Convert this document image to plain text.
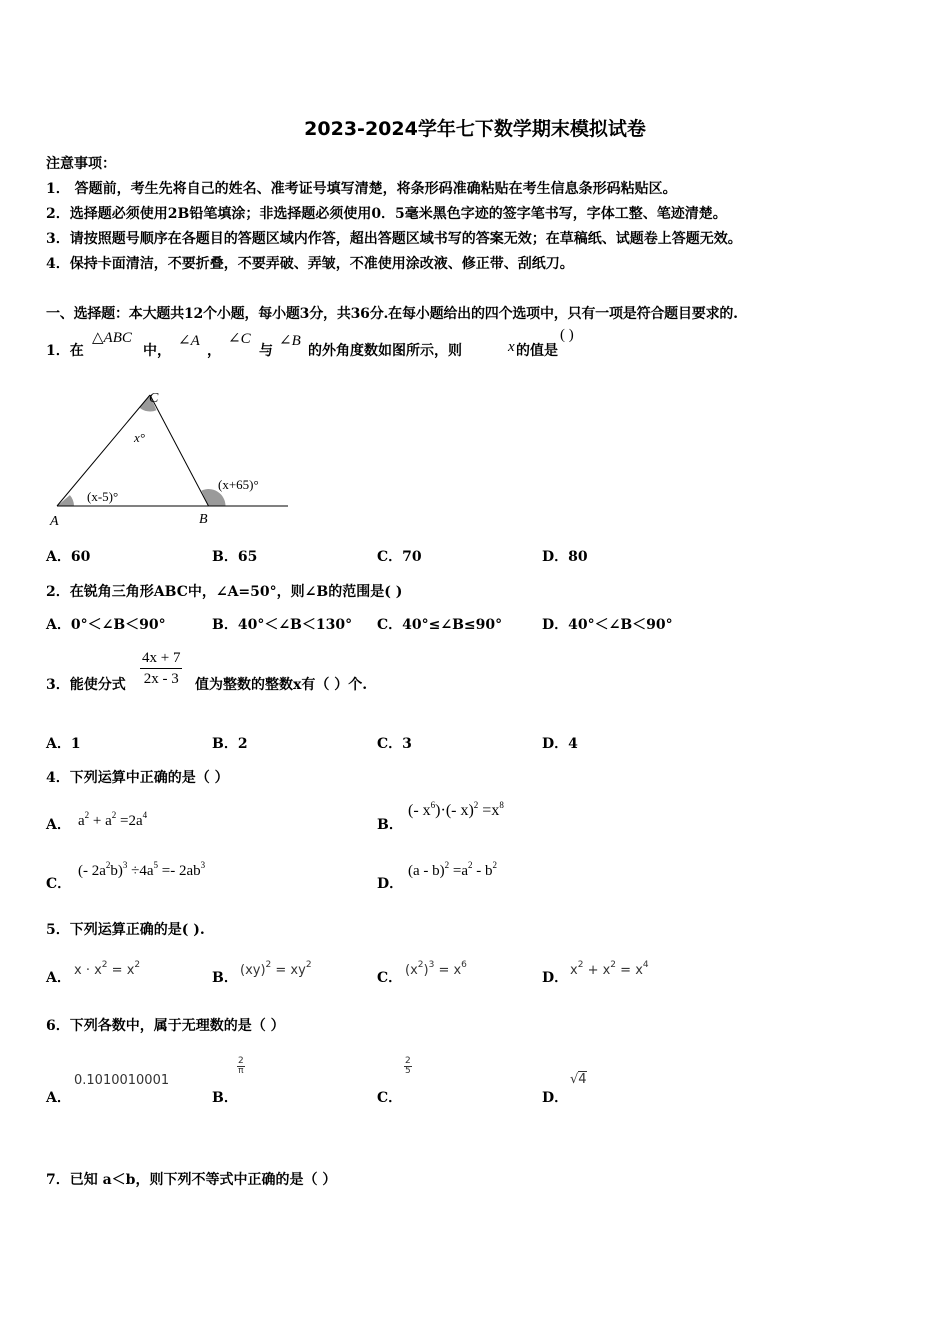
2023-2024学年七下数学期末模拟试卷
注意事项：
1． 答题前，考生先将自己的姓名、准考证号填写清楚，将条形码准确粘贴在考生信息条形码粘贴区。
2．选择题必须使用2B铅笔填涂；非选择题必须使用0．5毫米黑色字迹的签字笔书写，字体工整、笔迹清楚。
3．请按照题号顺序在各题目的答题区域内作答，超出答题区域书写的答案无效；在草稿纸、试题卷上答题无效。
4．保持卡面清洁，不要折叠，不要弄破、弄皱，不准使用涂改液、修正带、刮纸刀。
一、选择题：本大题共12个小题，每小题3分，共36分.在每小题给出的四个选项中，只有一项是符合题目要求的.
1．在
△ABC
中，
∠A
，
∠C
与
∠B
的外角度数如图所示，则	x 的值是
( )
C
A	B
x°
(x-5)°
(x+65)°
A．60	B．65	C．70	D．80
2．在锐角三角形ABC中，∠A=50°，则∠B的范围是( )
A．0°＜∠B＜90°	B．40°＜∠B＜130° C．40°≤∠B≤90°	D．40°＜∠B＜90°
3．能使分式 $\frac{4x + 7}{2x - 3}$ 值为整数的整数x有（ ）个.
A．1	B．2	C．3	D．4
4．下列运算中正确的是（ ）
A． $a^2 + a^2 =2a^4$
B．
(- $x^6)\cdot(-$ $x)^2 =x^8$
C．
(- $2a^2b)^3 \div 4a^5 =- 2ab^3$
D．
$(a - b)^2 =a^2 - b^2$
5．下列运算正确的是( ).
A． $x \cdot x^2 = x^2$
B． $(xy)^2 = xy^2$
C． $(x^2)^3 = x^6$
D． $x^2 + x^2 = x^4$
6．下列各数中，属于无理数的是（ ）
A．
0.1010010001
B．
$\frac{2}{\pi}$
C．
$\frac{2}{5}$
D．
√4
7．已知 a＜b，则下列不等式中正确的是（ ）
